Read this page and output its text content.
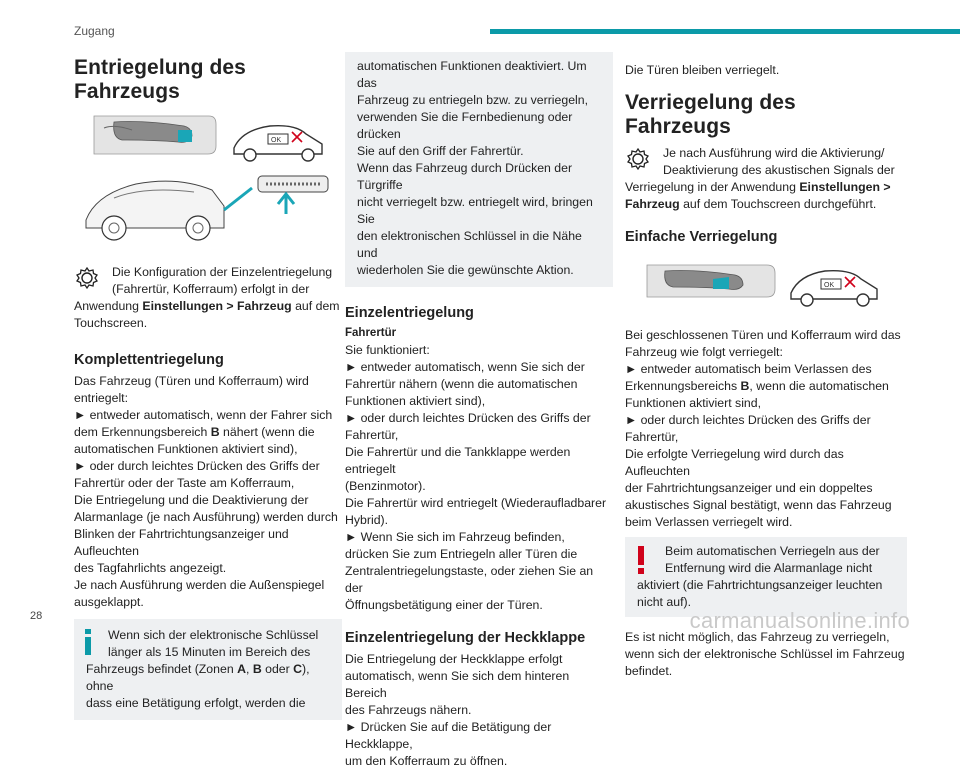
Zugang
Entriegelung des Fahrzeugs
OK

Die Konfiguration der Einzelentriegelung

(Fahrertür, Kofferraum) erfolgt in der

Anwendung Einstellungen > Fahrzeug auf dem

Touchscreen.

Komplettentriegelung

Das Fahrzeug (Türen und Kofferraum) wird

entriegelt:

► entweder automatisch, wenn der Fahrer sich

dem Erkennungsbereich B nähert (wenn die

automatischen Funktionen aktiviert sind),

► oder durch leichtes Drücken des Griffs der

Fahrertür oder der Taste am Kofferraum,

Die Entriegelung und die Deaktivierung der

Alarmanlage (je nach Ausführung) werden durch

Blinken der Fahrtrichtungsanzeiger und Aufleuchten

des Tagfahrlichts angezeigt.

Je nach Ausführung werden die Außenspiegel

ausgeklappt.

Wenn sich der elektronische Schlüssel

länger als 15 Minuten im Bereich des

Fahrzeugs befindet (Zonen A, B oder C), ohne

dass eine Betätigung erfolgt, werden die

automatischen Funktionen deaktiviert. Um das

Fahrzeug zu entriegeln bzw. zu verriegeln,

verwenden Sie die Fernbedienung oder drücken

Sie auf den Griff der Fahrertür.

Wenn das Fahrzeug durch Drücken der Türgriffe

nicht verriegelt bzw. entriegelt wird, bringen Sie

den elektronischen Schlüssel in die Nähe und

wiederholen Sie die gewünschte Aktion.

Einzelentriegelung

Fahrertür

Sie funktioniert:

► entweder automatisch, wenn Sie sich der

Fahrertür nähern (wenn die automatischen

Funktionen aktiviert sind),

► oder durch leichtes Drücken des Griffs der

Fahrertür,

Die Fahrertür und die Tankklappe werden entriegelt

(Benzinmotor).

Die Fahrertür wird entriegelt (Wiederaufladbarer

Hybrid).

► Wenn Sie sich im Fahrzeug befinden,

drücken Sie zum Entriegeln aller Türen die

Zentralentriegelungstaste, oder ziehen Sie an der

Öffnungsbetätigung einer der Türen.

Einzelentriegelung der Heckklappe

Die Entriegelung der Heckklappe erfolgt

automatisch, wenn Sie sich dem hinteren Bereich

des Fahrzeugs nähern.

► Drücken Sie auf die Betätigung der Heckklappe,

um den Kofferraum zu öffnen.

Die Türen bleiben verriegelt.

Verriegelung des Fahrzeugs

Je nach Ausführung wird die Aktivierung/

Deaktivierung des akustischen Signals der

Verriegelung in der Anwendung Einstellungen >

Fahrzeug auf dem Touchscreen durchgeführt.

Einfache Verriegelung
OK

Bei geschlossenen Türen und Kofferraum wird das

Fahrzeug wie folgt verriegelt:

► entweder automatisch beim Verlassen des

Erkennungsbereichs B, wenn die automatischen

Funktionen aktiviert sind,

► oder durch leichtes Drücken des Griffs der

Fahrertür,

Die erfolgte Verriegelung wird durch das Aufleuchten

der Fahrtrichtungsanzeiger und ein doppeltes

akustisches Signal bestätigt, wenn das Fahrzeug

beim Verlassen verriegelt wird.

Beim automatischen Verriegeln aus der

Entfernung wird die Alarmanlage nicht

aktiviert (die Fahrtrichtungsanzeiger leuchten

nicht auf).

Es ist nicht möglich, das Fahrzeug zu verriegeln,

wenn sich der elektronische Schlüssel im Fahrzeug

befindet.

28	carmanualsonline.info
